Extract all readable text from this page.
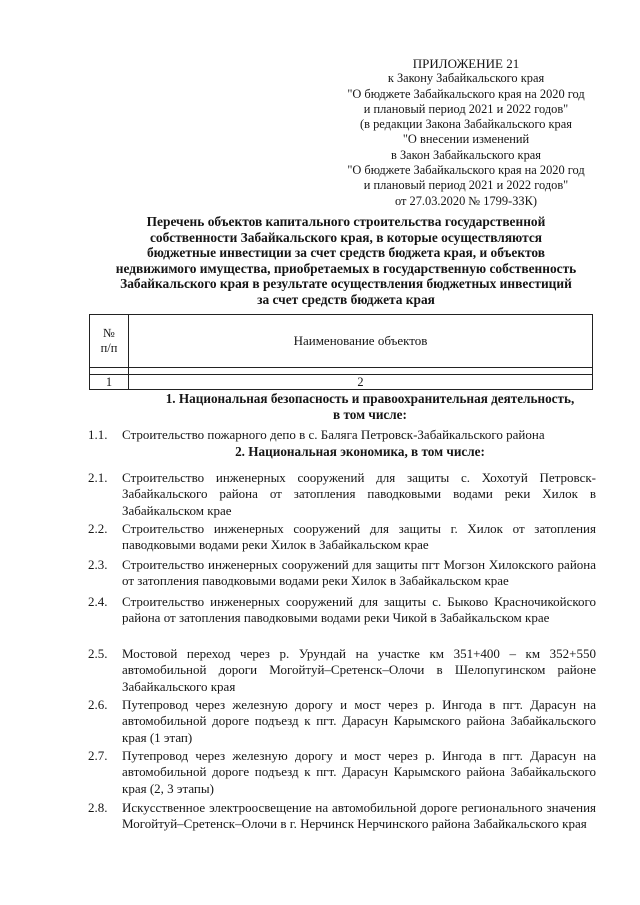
ПРИЛОЖЕНИЕ 21
к Закону Забайкальского края
"О бюджете Забайкальского края на 2020 год
и плановый период 2021 и 2022 годов"
(в редакции Закона Забайкальского края
"О внесении изменений
в Закон Забайкальского края
"О бюджете Забайкальского края на 2020 год
и плановый период 2021 и 2022 годов"
от 27.03.2020 № 1799-ЗЗК)
Перечень объектов капитального строительства государственной
собственности Забайкальского края, в которые осуществляются
бюджетные инвестиции за счет средств бюджета края, и объектов
недвижимого имущества, приобретаемых в государственную собственность
Забайкальского края в результате осуществления бюджетных инвестиций
за счет средств бюджета края
№
п/п	Наименование объектов

1	2
1. Национальная безопасность и правоохранительная деятельность,
в том числе:
1.1.	Строительство пожарного депо в с. Баляга Петровск-Забайкальского района
2. Национальная экономика, в том числе:
2.1.	Строительство инженерных сооружений для защиты с. Хохотуй Петровск-Забайкальского района от затопления паводковыми водами реки Хилок в Забайкальском крае
2.2.	Строительство инженерных сооружений для защиты г. Хилок от затопления паводковыми водами реки Хилок в Забайкальском крае
2.3.	Строительство инженерных сооружений для защиты пгт Могзон Хилокского района от затопления паводковыми водами реки Хилок в Забайкальском крае
2.4.	Строительство инженерных сооружений для защиты с. Быково Красночикойского района от затопления паводковыми водами реки Чикой в Забайкальском крае
2.5.	Мостовой переход через р. Урундай на участке км 351+400 – км 352+550 автомобильной дороги Могойтуй–Сретенск–Олочи в Шелопугинском районе Забайкальского края
2.6.	Путепровод через железную дорогу и мост через р. Ингода в пгт. Дарасун на автомобильной дороге подъезд к пгт. Дарасун Карымского района Забайкальского края (1 этап)
2.7.	Путепровод через железную дорогу и мост через р. Ингода в пгт. Дарасун на автомобильной дороге подъезд к пгт. Дарасун Карымского района Забайкальского края (2, 3 этапы)
2.8.	Искусственное электроосвещение на автомобильной дороге регионального значения Могойтуй–Сретенск–Олочи в г. Нерчинск Нерчинского района Забайкальского края
